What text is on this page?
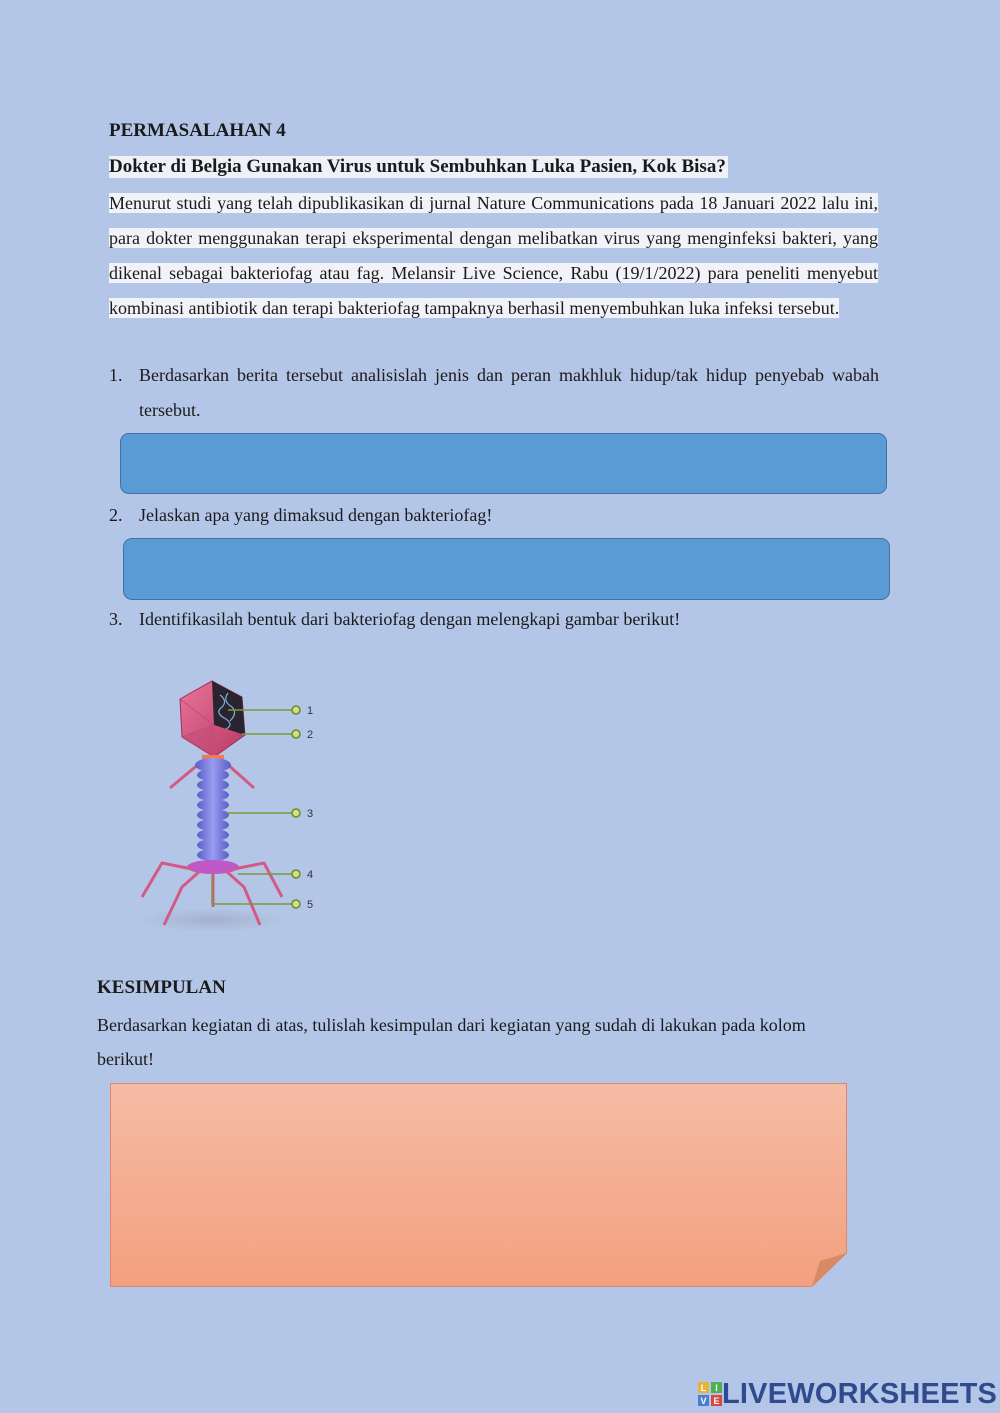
PERMASALAHAN 4
Dokter di Belgia Gunakan Virus untuk Sembuhkan Luka Pasien, Kok Bisa?

Menurut studi yang telah dipublikasikan di jurnal Nature Communications pada 18 Januari 2022 lalu ini, para dokter menggunakan terapi eksperimental dengan melibatkan virus yang menginfeksi bakteri, yang dikenal sebagai bakteriofag atau fag. Melansir Live Science, Rabu (19/1/2022) para peneliti menyebut kombinasi antibiotik dan terapi bakteriofag tampaknya berhasil menyembuhkan luka infeksi tersebut.

1. Berdasarkan berita tersebut analisislah jenis dan peran makhluk hidup/tak hidup penyebab wabah tersebut.
2. Jelaskan apa yang dimaksud dengan bakteriofag!
3. Identifikasilah bentuk dari bakteriofag dengan melengkapi gambar berikut!
1
2
3
4
5
KESIMPULAN
Berdasarkan kegiatan di atas, tulislah kesimpulan dari kegiatan yang sudah di lakukan pada kolom berikut!
L I
V E LIVEWORKSHEETS
